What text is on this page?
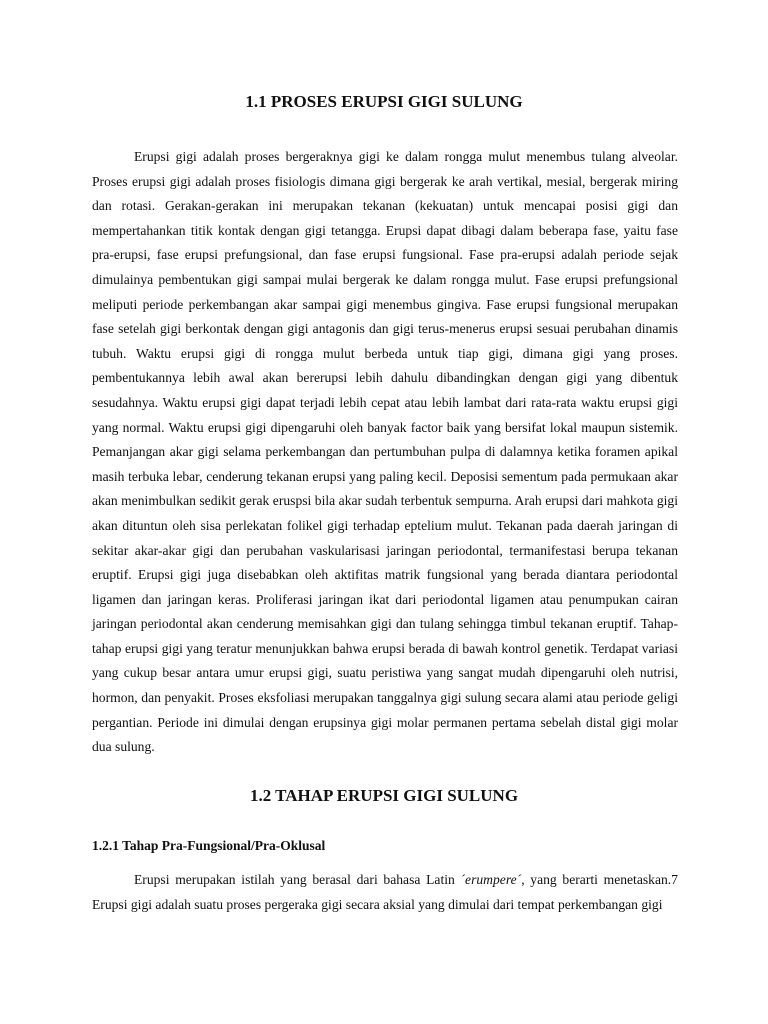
1.1 PROSES ERUPSI GIGI SULUNG

Erupsi gigi adalah proses bergeraknya gigi ke dalam rongga mulut menembus tulang alveolar. Proses erupsi gigi adalah proses fisiologis dimana gigi bergerak ke arah vertikal, mesial, bergerak miring dan rotasi. Gerakan-gerakan ini merupakan tekanan (kekuatan) untuk mencapai posisi gigi dan mempertahankan titik kontak dengan gigi tetangga. Erupsi dapat dibagi dalam beberapa fase, yaitu fase pra-erupsi, fase erupsi prefungsional, dan fase erupsi fungsional. Fase pra-erupsi adalah periode sejak dimulainya pembentukan gigi sampai mulai bergerak ke dalam rongga mulut. Fase erupsi prefungsional meliputi periode perkembangan akar sampai gigi menembus gingiva. Fase erupsi fungsional merupakan fase setelah gigi berkontak dengan gigi antagonis dan gigi terus-menerus erupsi sesuai perubahan dinamis tubuh. Waktu erupsi gigi di rongga mulut berbeda untuk tiap gigi, dimana gigi yang proses. pembentukannya lebih awal akan bererupsi lebih dahulu dibandingkan dengan gigi yang dibentuk sesudahnya. Waktu erupsi gigi dapat terjadi lebih cepat atau lebih lambat dari rata-rata waktu erupsi gigi yang normal. Waktu erupsi gigi dipengaruhi oleh banyak factor baik yang bersifat lokal maupun sistemik. Pemanjangan akar gigi selama perkembangan dan pertumbuhan pulpa di dalamnya ketika foramen apikal masih terbuka lebar, cenderung tekanan erupsi yang paling kecil. Deposisi sementum pada permukaan akar akan menimbulkan sedikit gerak eruspsi bila akar sudah terbentuk sempurna. Arah erupsi dari mahkota gigi akan dituntun oleh sisa perlekatan folikel gigi terhadap eptelium mulut. Tekanan pada daerah jaringan di sekitar akar-akar gigi dan perubahan vaskularisasi jaringan periodontal, termanifestasi berupa tekanan eruptif. Erupsi gigi juga disebabkan oleh aktifitas matrik fungsional yang berada diantara periodontal ligamen dan jaringan keras. Proliferasi jaringan ikat dari periodontal ligamen atau penumpukan cairan jaringan periodontal akan cenderung memisahkan gigi dan tulang sehingga timbul tekanan eruptif. Tahap-tahap erupsi gigi yang teratur menunjukkan bahwa erupsi berada di bawah kontrol genetik. Terdapat variasi yang cukup besar antara umur erupsi gigi, suatu peristiwa yang sangat mudah dipengaruhi oleh nutrisi, hormon, dan penyakit. Proses eksfoliasi merupakan tanggalnya gigi sulung secara alami atau periode geligi pergantian. Periode ini dimulai dengan erupsinya gigi molar permanen pertama sebelah distal gigi molar dua sulung.

1.2 TAHAP ERUPSI GIGI SULUNG
1.2.1 Tahap Pra-Fungsional/Pra-Oklusal

Erupsi merupakan istilah yang berasal dari bahasa Latin ´erumpere´, yang berarti menetaskan.7 Erupsi gigi adalah suatu proses pergeraka gigi secara aksial yang dimulai dari tempat perkembangan gigi
